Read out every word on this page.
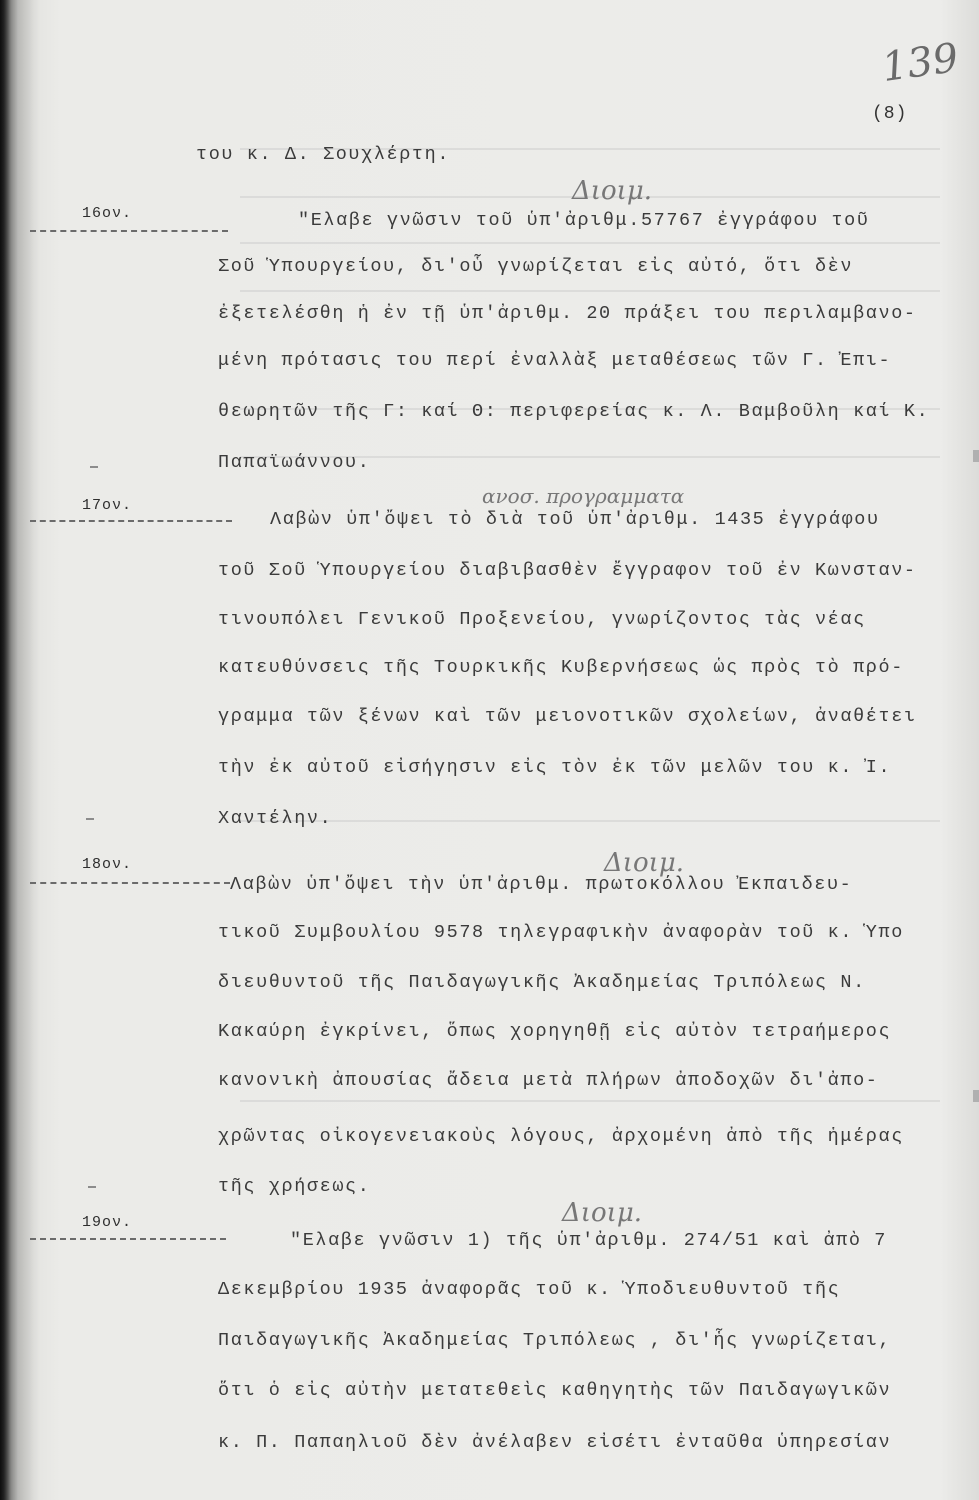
139
(8)
του κ. Δ. Σουχλέρτη.
Διοιμ.
16ον.	"Ελαβε γνῶσιν τοῦ ὑπ'ἀριθμ.57767 ἐγγράφου τοῦ
Σοῦ Ὑπουργείου, δι'οὗ γνωρίζεται εἰς αὐτό, ὅτι δὲν
ἐξετελέσθη ἡ ἐν τῇ ὑπ'ἀριθμ. 20 πράξει του περιλαμβανο-
μένη πρότασις του περί ἐναλλὰξ μεταθέσεως τῶν Γ. Ἐπι-
θεωρητῶν τῆς Γ: καί Θ: περιφερείας κ. Λ. Βαμβοῦλη καί Κ.
Παπαϊωάννου.
ανοσ. προγραμματα
17ον.
Λαβὼν ὑπ'ὄψει τὸ διὰ τοῦ ὑπ'ἀριθμ. 1435 ἐγγράφου
τοῦ Σοῦ Ὑπουργείου διαβιβασθὲν ἔγγραφον τοῦ ἐν Κωνσταν-
τινουπόλει Γενικοῦ Προξενείου, γνωρίζοντος τὰς νέας
κατευθύνσεις τῆς Τουρκικῆς Κυβερνήσεως ὡς πρὸς τὸ πρό-
γραμμα τῶν ξένων καὶ τῶν μειονοτικῶν σχολείων, ἀναθέτει
τὴν ἐκ αὐτοῦ εἰσήγησιν εἰς τὸν ἐκ τῶν μελῶν του κ. Ἰ.
Χαντέλην.
Διοιμ.
18ον.
Λαβὼν ὑπ'ὄψει τὴν ὑπ'ἀριθμ. πρωτοκόλλου Ἐκπαιδευ-
τικοῦ Συμβουλίου 9578 τηλεγραφικὴν ἀναφορὰν τοῦ κ. Ὑπο
διευθυντοῦ τῆς Παιδαγωγικῆς Ἀκαδημείας Τριπόλεως Ν.
Κακαύρη ἐγκρίνει, ὅπως χορηγηθῇ εἰς αὐτὸν τετραήμερος
κανονικὴ ἀπουσίας ἄδεια μετὰ πλήρων ἀποδοχῶν δι'ἀπο-
χρῶντας οἰκογενειακοὺς λόγους, ἀρχομένη ἀπὸ τῆς ἡμέρας
τῆς χρήσεως.
Διοιμ.
19ον.
"Ελαβε γνῶσιν 1) τῆς ὑπ'ἀριθμ. 274/51 καὶ ἀπὸ 7
Δεκεμβρίου 1935 ἀναφορᾶς τοῦ κ. Ὑποδιευθυντοῦ τῆς
Παιδαγωγικῆς Ἀκαδημείας Τριπόλεως , δι'ἧς γνωρίζεται,
ὅτι ὁ εἰς αὐτὴν μετατεθεὶς καθηγητὴς τῶν Παιδαγωγικῶν
κ. Π. Παπαηλιοῦ δὲν ἀνέλαβεν εἰσέτι ἐνταῦθα ὑπηρεσίαν
